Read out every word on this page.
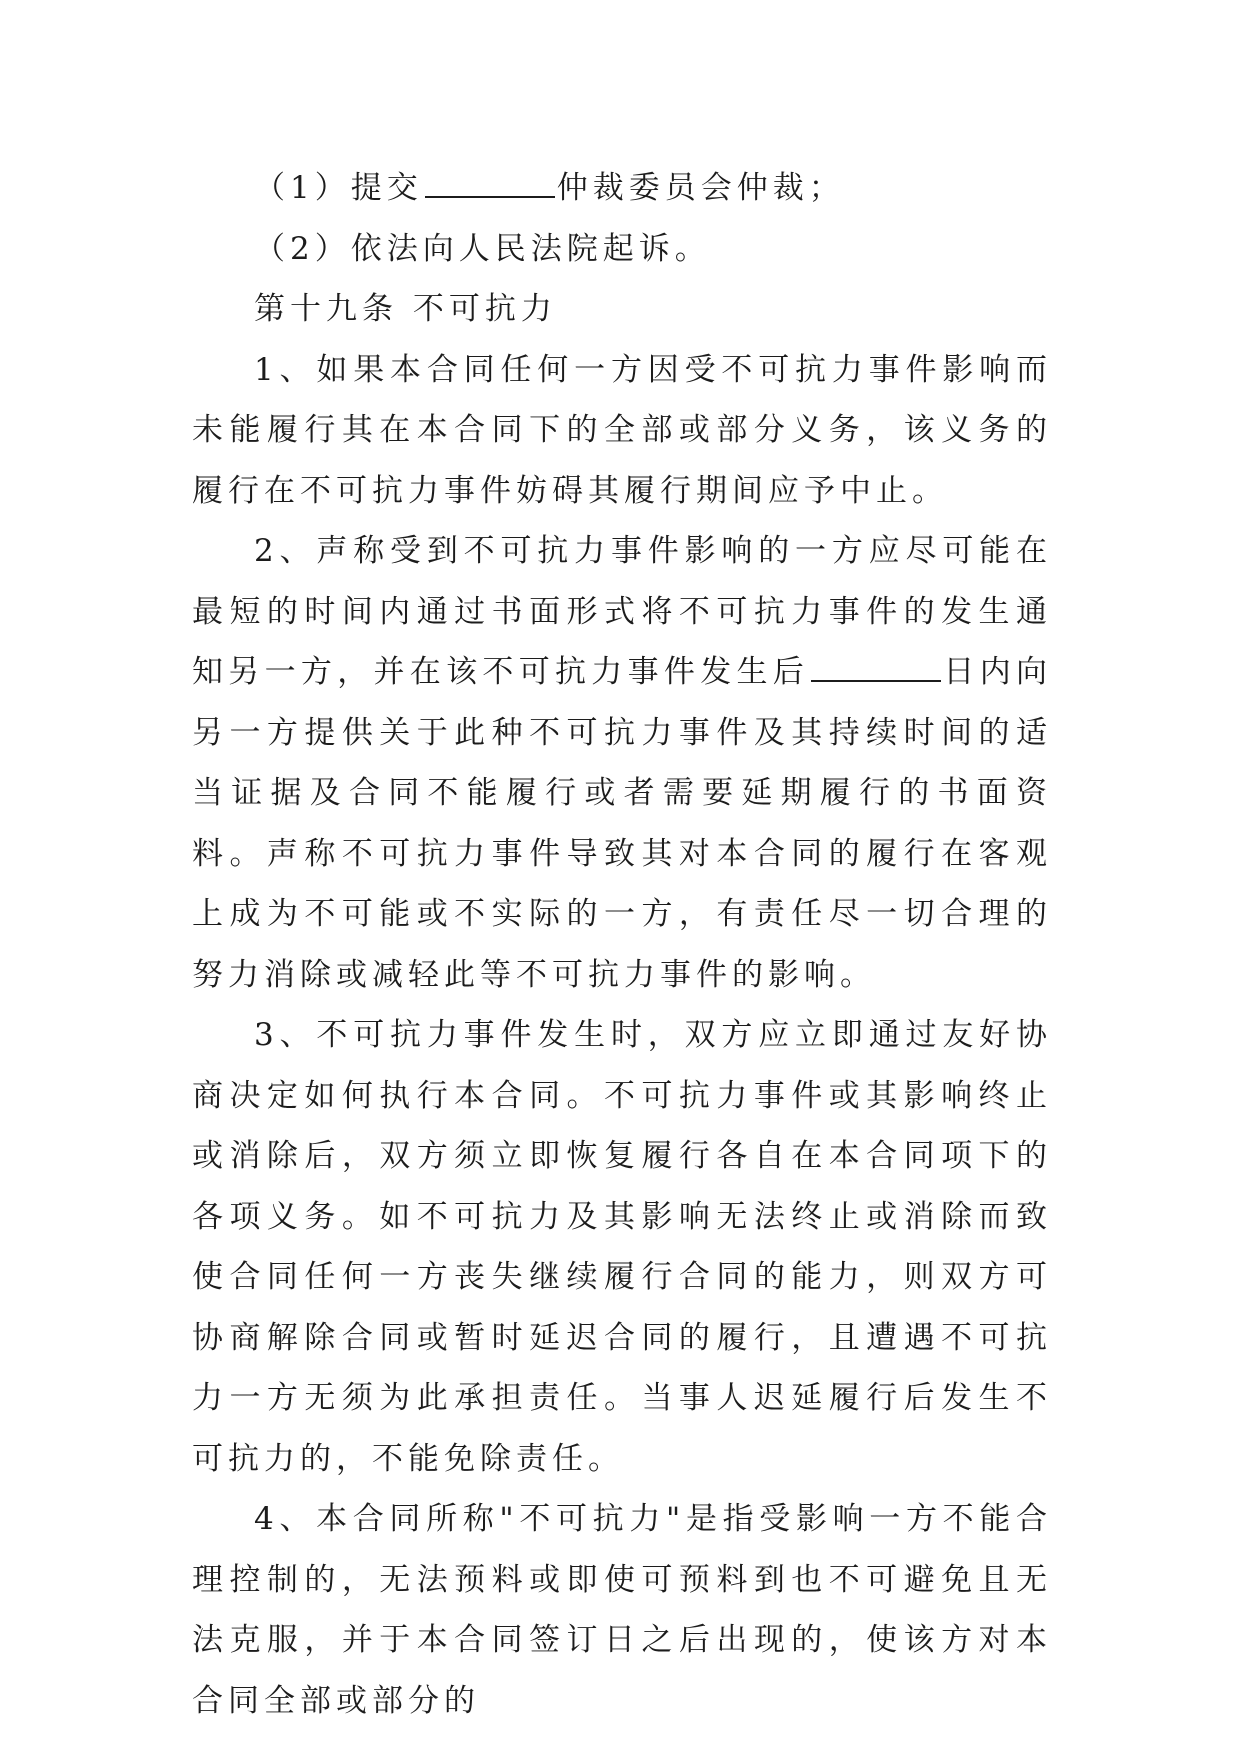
（1）提交	仲裁委员会仲裁；

（2）依法向人民法院起诉。

第十九条 不可抗力

1、如果本合同任何一方因受不可抗力事件影响而未能履行其在本合同下的全部或部分义务，该义务的履行在不可抗力事件妨碍其履行期间应予中止。

2、声称受到不可抗力事件影响的一方应尽可能在最短的时间内通过书面形式将不可抗力事件的发生通知另一方，并在该不可抗力事件发生后	日内向另一方提供关于此种不可抗力事件及其持续时间的适当证据及合同不能履行或者需要延期履行的书面资料。声称不可抗力事件导致其对本合同的履行在客观上成为不可能或不实际的一方，有责任尽一切合理的努力消除或减轻此等不可抗力事件的影响。

3、不可抗力事件发生时，双方应立即通过友好协商决定如何执行本合同。不可抗力事件或其影响终止或消除后，双方须立即恢复履行各自在本合同项下的各项义务。如不可抗力及其影响无法终止或消除而致使合同任何一方丧失继续履行合同的能力，则双方可协商解除合同或暂时延迟合同的履行，且遭遇不可抗力一方无须为此承担责任。当事人迟延履行后发生不可抗力的，不能免除责任。

4、本合同所称"不可抗力"是指受影响一方不能合理控制的，无法预料或即使可预料到也不可避免且无法克服，并于本合同签订日之后出现的，使该方对本合同全部或部分的
